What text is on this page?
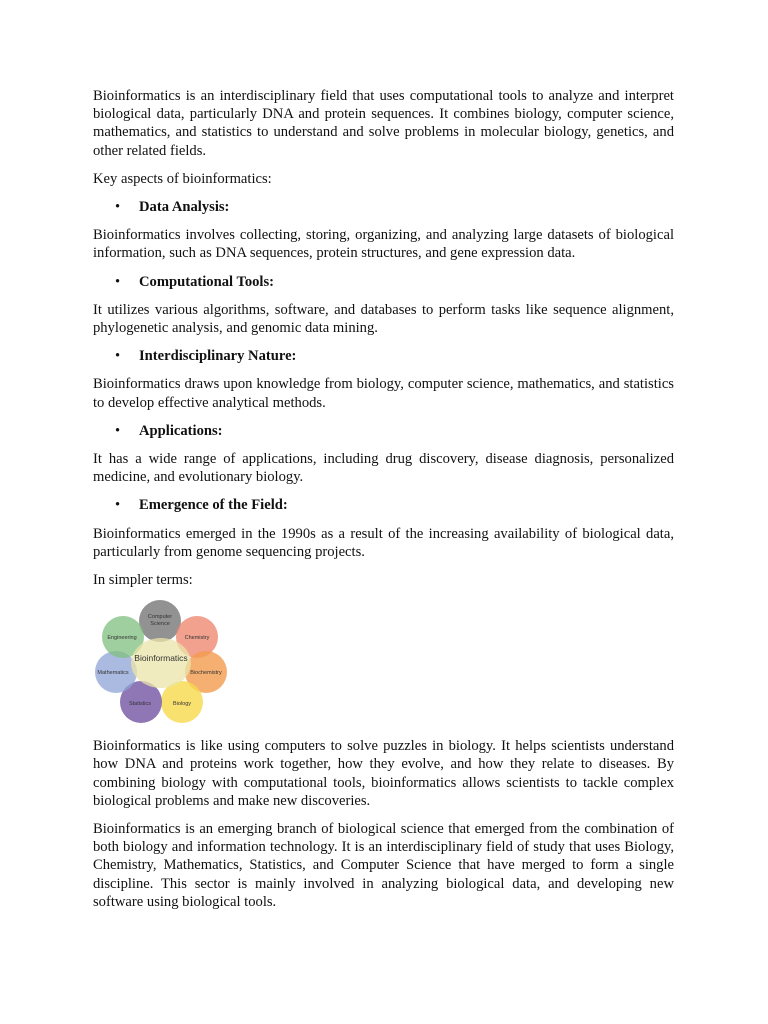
Bioinformatics is an interdisciplinary field that uses computational tools to analyze and interpret biological data, particularly DNA and protein sequences. It combines biology, computer science, mathematics, and statistics to understand and solve problems in molecular biology, genetics, and other related fields.

Key aspects of bioinformatics:

• Data Analysis:

Bioinformatics involves collecting, storing, organizing, and analyzing large datasets of biological information, such as DNA sequences, protein structures, and gene expression data.

• Computational Tools:

It utilizes various algorithms, software, and databases to perform tasks like sequence alignment, phylogenetic analysis, and genomic data mining.

• Interdisciplinary Nature:

Bioinformatics draws upon knowledge from biology, computer science, mathematics, and statistics to develop effective analytical methods.

• Applications:

It has a wide range of applications, including drug discovery, disease diagnosis, personalized medicine, and evolutionary biology.

• Emergence of the Field:

Bioinformatics emerged in the 1990s as a result of the increasing availability of biological data, particularly from genome sequencing projects.

In simpler terms:

Computer
Science
Chemistry
Biochemistry
Biology
Statistics
Mathematics
Engineering
Bioinformatics

Bioinformatics is like using computers to solve puzzles in biology. It helps scientists understand how DNA and proteins work together, how they evolve, and how they relate to diseases. By combining biology with computational tools, bioinformatics allows scientists to tackle complex biological problems and make new discoveries.

Bioinformatics is an emerging branch of biological science that emerged from the combination of both biology and information technology. It is an interdisciplinary field of study that uses Biology, Chemistry, Mathematics, Statistics, and Computer Science that have merged to form a single discipline. This sector is mainly involved in analyzing biological data, and developing new software using biological tools.
